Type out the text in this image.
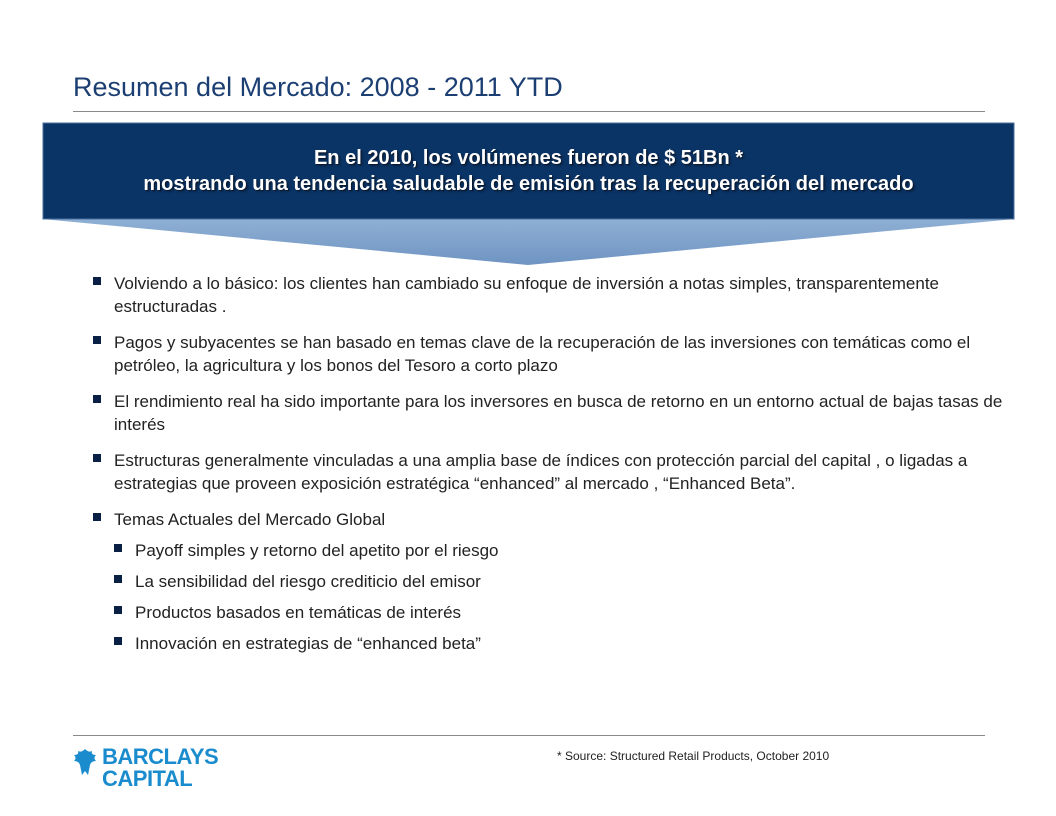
Resumen del Mercado: 2008 - 2011 YTD
En el 2010, los volúmenes fueron de $ 51Bn *
mostrando una tendencia saludable de emisión tras la recuperación del mercado
Volviendo a lo básico: los clientes han cambiado su enfoque de inversión a notas simples, transparentemente estructuradas .
Pagos y subyacentes se han basado en temas clave de la recuperación de las inversiones con temáticas como el petróleo, la agricultura y los bonos del Tesoro a corto plazo
El rendimiento real ha sido importante para los inversores en busca de retorno en un entorno actual de bajas tasas de interés
Estructuras generalmente vinculadas a una amplia base de índices con protección parcial del capital , o ligadas a estrategias que proveen exposición estratégica “enhanced” al mercado , “Enhanced Beta”.
Temas Actuales del Mercado Global
Payoff simples y retorno del apetito por el riesgo
La sensibilidad del riesgo crediticio del emisor
Productos basados en temáticas de interés
Innovación en estrategias de “enhanced beta”
BARCLAYS
CAPITAL
* Source: Structured Retail Products, October 2010
